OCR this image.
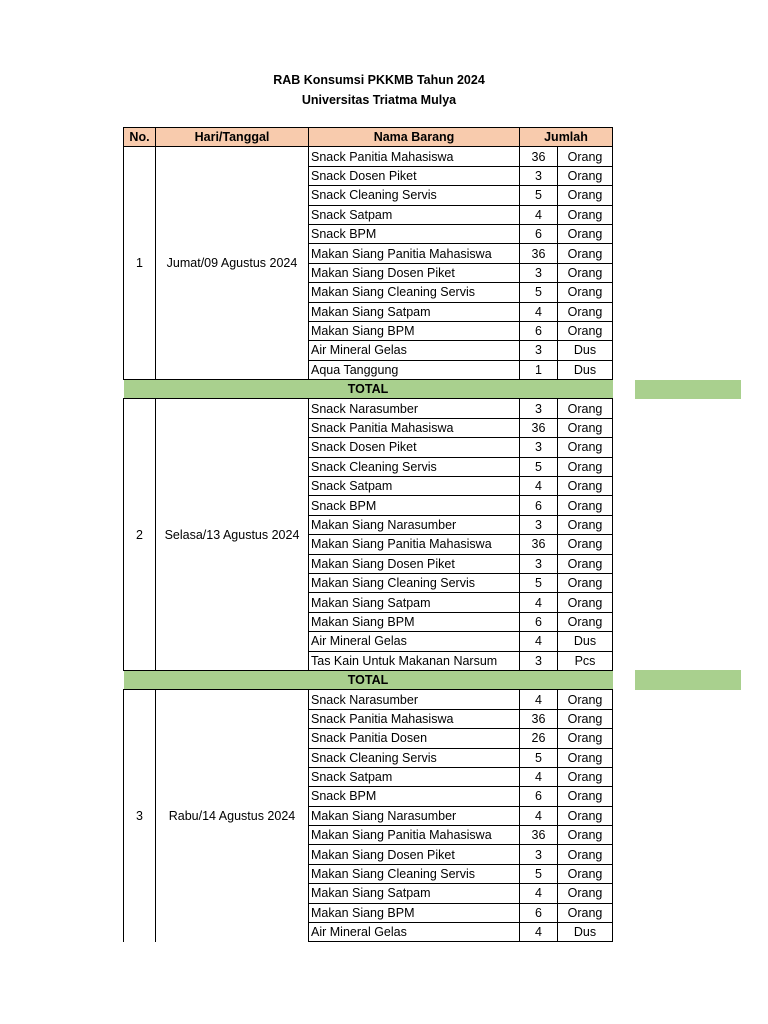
RAB Konsumsi PKKMB Tahun 2024
Universitas Triatma Mulya
No.	Hari/Tanggal	Nama Barang	Jumlah	
1	Jumat/09 Agustus 2024	Snack Panitia Mahasiswa	36	Orang
		Snack Dosen Piket	3	Orang
		Snack Cleaning Servis	5	Orang
		Snack Satpam	4	Orang
		Snack BPM	6	Orang
		Makan Siang Panitia Mahasiswa	36	Orang
		Makan Siang Dosen Piket	3	Orang
		Makan Siang Cleaning Servis	5	Orang
		Makan Siang Satpam	4	Orang
		Makan Siang BPM	6	Orang
		Air Mineral Gelas	3	Dus
		Aqua Tanggung	1	Dus
TOTAL				
2	Selasa/13 Agustus 2024	Snack Narasumber	3	Orang
		Snack Panitia Mahasiswa	36	Orang
		Snack Dosen Piket	3	Orang
		Snack Cleaning Servis	5	Orang
		Snack Satpam	4	Orang
		Snack BPM	6	Orang
		Makan Siang Narasumber	3	Orang
		Makan Siang Panitia Mahasiswa	36	Orang
		Makan Siang Dosen Piket	3	Orang
		Makan Siang Cleaning Servis	5	Orang
		Makan Siang Satpam	4	Orang
		Makan Siang BPM	6	Orang
		Air Mineral Gelas	4	Dus
		Tas Kain Untuk Makanan Narsum	3	Pcs
TOTAL				
3	Rabu/14 Agustus 2024	Snack Narasumber	4	Orang
		Snack Panitia Mahasiswa	36	Orang
		Snack Panitia Dosen	26	Orang
		Snack Cleaning Servis	5	Orang
		Snack Satpam	4	Orang
		Snack BPM	6	Orang
		Makan Siang Narasumber	4	Orang
		Makan Siang Panitia Mahasiswa	36	Orang
		Makan Siang Dosen Piket	3	Orang
		Makan Siang Cleaning Servis	5	Orang
		Makan Siang Satpam	4	Orang
		Makan Siang BPM	6	Orang
		Air Mineral Gelas	4	Dus
